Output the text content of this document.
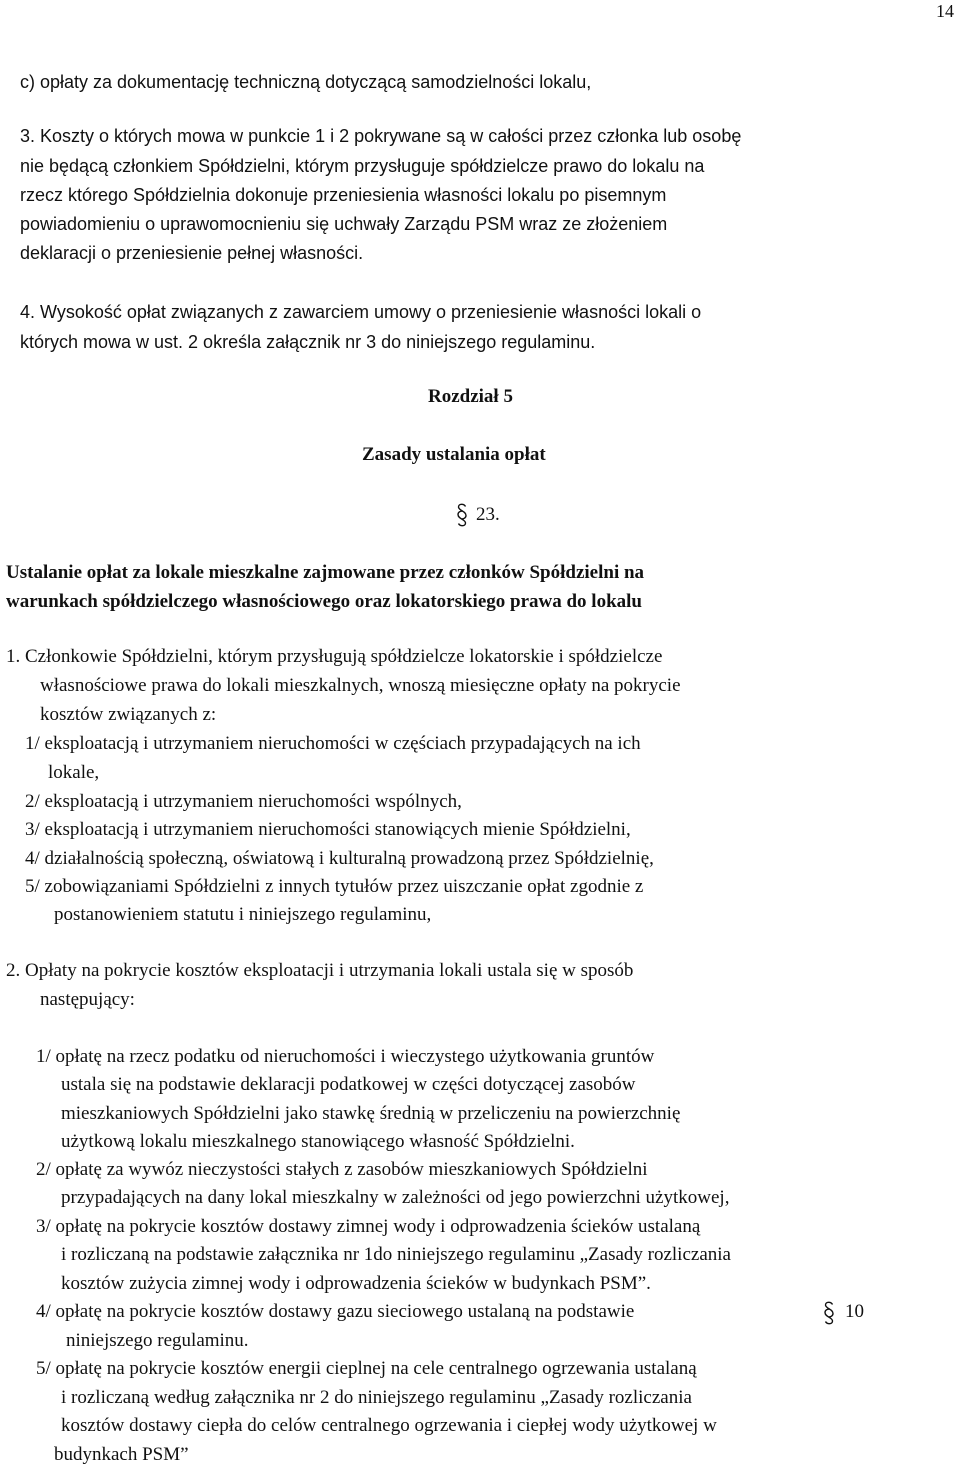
14
c) opłaty za dokumentację techniczną dotyczącą samodzielności lokalu,
3. Koszty o których mowa w punkcie 1 i 2 pokrywane są w całości przez członka lub osobę
nie będącą członkiem Spółdzielni, którym przysługuje spółdzielcze prawo do lokalu na
rzecz którego Spółdzielnia dokonuje przeniesienia własności lokalu po pisemnym
powiadomieniu o uprawomocnieniu się uchwały Zarządu PSM wraz ze złożeniem
deklaracji o przeniesienie pełnej własności.
4. Wysokość opłat związanych z zawarciem umowy o przeniesienie własności lokali o
których mowa w ust. 2 określa załącznik nr 3 do niniejszego regulaminu.
Rozdział 5
Zasady ustalania opłat
23.
Ustalanie opłat za lokale mieszkalne zajmowane przez członków Spółdzielni na
warunkach spółdzielczego własnościowego oraz lokatorskiego prawa do lokalu
1. Członkowie Spółdzielni, którym przysługują spółdzielcze lokatorskie i spółdzielcze
własnościowe prawa do lokali mieszkalnych, wnoszą miesięczne opłaty na pokrycie
kosztów związanych z:
1/ eksploatacją i utrzymaniem nieruchomości w częściach przypadających na ich
lokale,
2/ eksploatacją i utrzymaniem nieruchomości wspólnych,
3/ eksploatacją i utrzymaniem nieruchomości stanowiących mienie Spółdzielni,
4/ działalnością społeczną, oświatową i kulturalną prowadzoną przez Spółdzielnię,
5/ zobowiązaniami Spółdzielni z innych tytułów przez uiszczanie opłat zgodnie z
postanowieniem statutu i niniejszego regulaminu,
2. Opłaty na pokrycie kosztów eksploatacji i utrzymania lokali ustala się w sposób
następujący:
1/ opłatę na rzecz podatku od nieruchomości i wieczystego użytkowania gruntów
ustala się na podstawie deklaracji podatkowej w części dotyczącej zasobów
mieszkaniowych Spółdzielni jako stawkę średnią w przeliczeniu na powierzchnię
użytkową lokalu mieszkalnego stanowiącego własność Spółdzielni.
2/ opłatę za wywóz nieczystości stałych z zasobów mieszkaniowych Spółdzielni
przypadających na dany lokal mieszkalny w zależności od jego powierzchni użytkowej,
3/ opłatę na pokrycie kosztów dostawy zimnej wody i odprowadzenia ścieków ustalaną
i rozliczaną na podstawie załącznika nr 1do niniejszego regulaminu „Zasady rozliczania
kosztów zużycia zimnej wody i odprowadzenia ścieków w budynkach PSM”.
4/ opłatę na pokrycie kosztów dostawy gazu sieciowego ustalaną na podstawie	10
niniejszego regulaminu.
5/ opłatę na pokrycie kosztów energii cieplnej na cele centralnego ogrzewania ustalaną
i rozliczaną według załącznika nr 2 do niniejszego regulaminu „Zasady rozliczania
kosztów dostawy ciepła do celów centralnego ogrzewania i ciepłej wody użytkowej w
budynkach PSM”
